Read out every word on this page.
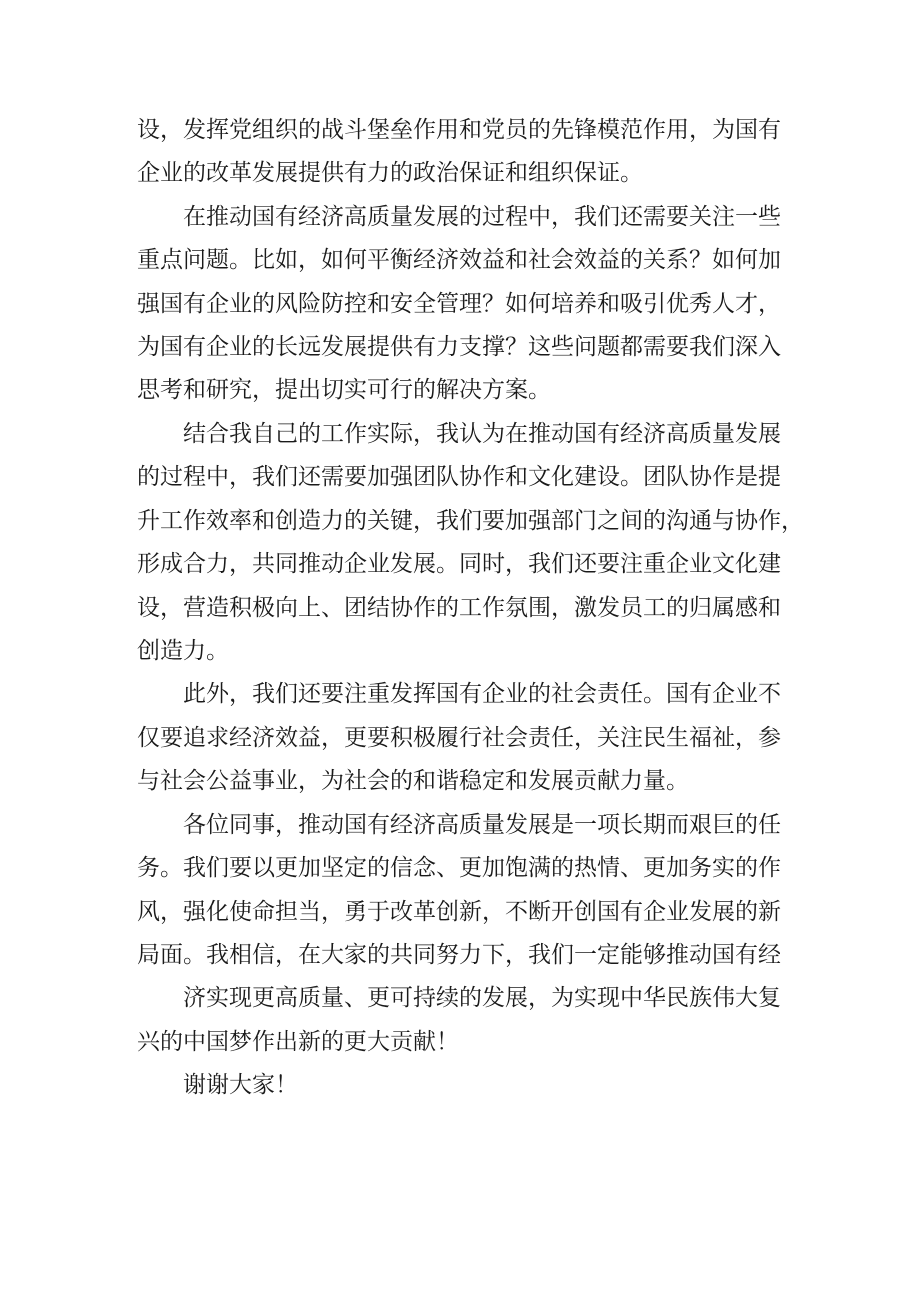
设，发挥党组织的战斗堡垒作用和党员的先锋模范作用，为国有

企业的改革发展提供有力的政治保证和组织保证。

在推动国有经济高质量发展的过程中，我们还需要关注一些

重点问题。比如，如何平衡经济效益和社会效益的关系？如何加

强国有企业的风险防控和安全管理？如何培养和吸引优秀人才，

为国有企业的长远发展提供有力支撑？这些问题都需要我们深入

思考和研究，提出切实可行的解决方案。

结合我自己的工作实际，我认为在推动国有经济高质量发展

的过程中，我们还需要加强团队协作和文化建设。团队协作是提

升工作效率和创造力的关键，我们要加强部门之间的沟通与协作，

形成合力，共同推动企业发展。同时，我们还要注重企业文化建

设，营造积极向上、团结协作的工作氛围，激发员工的归属感和

创造力。

此外，我们还要注重发挥国有企业的社会责任。国有企业不

仅要追求经济效益，更要积极履行社会责任，关注民生福祉，参

与社会公益事业，为社会的和谐稳定和发展贡献力量。

各位同事，推动国有经济高质量发展是一项长期而艰巨的任

务。我们要以更加坚定的信念、更加饱满的热情、更加务实的作

风，强化使命担当，勇于改革创新，不断开创国有企业发展的新

局面。我相信，在大家的共同努力下，我们一定能够推动国有经

济实现更高质量、更可持续的发展，为实现中华民族伟大复

兴的中国梦作出新的更大贡献！

谢谢大家！
